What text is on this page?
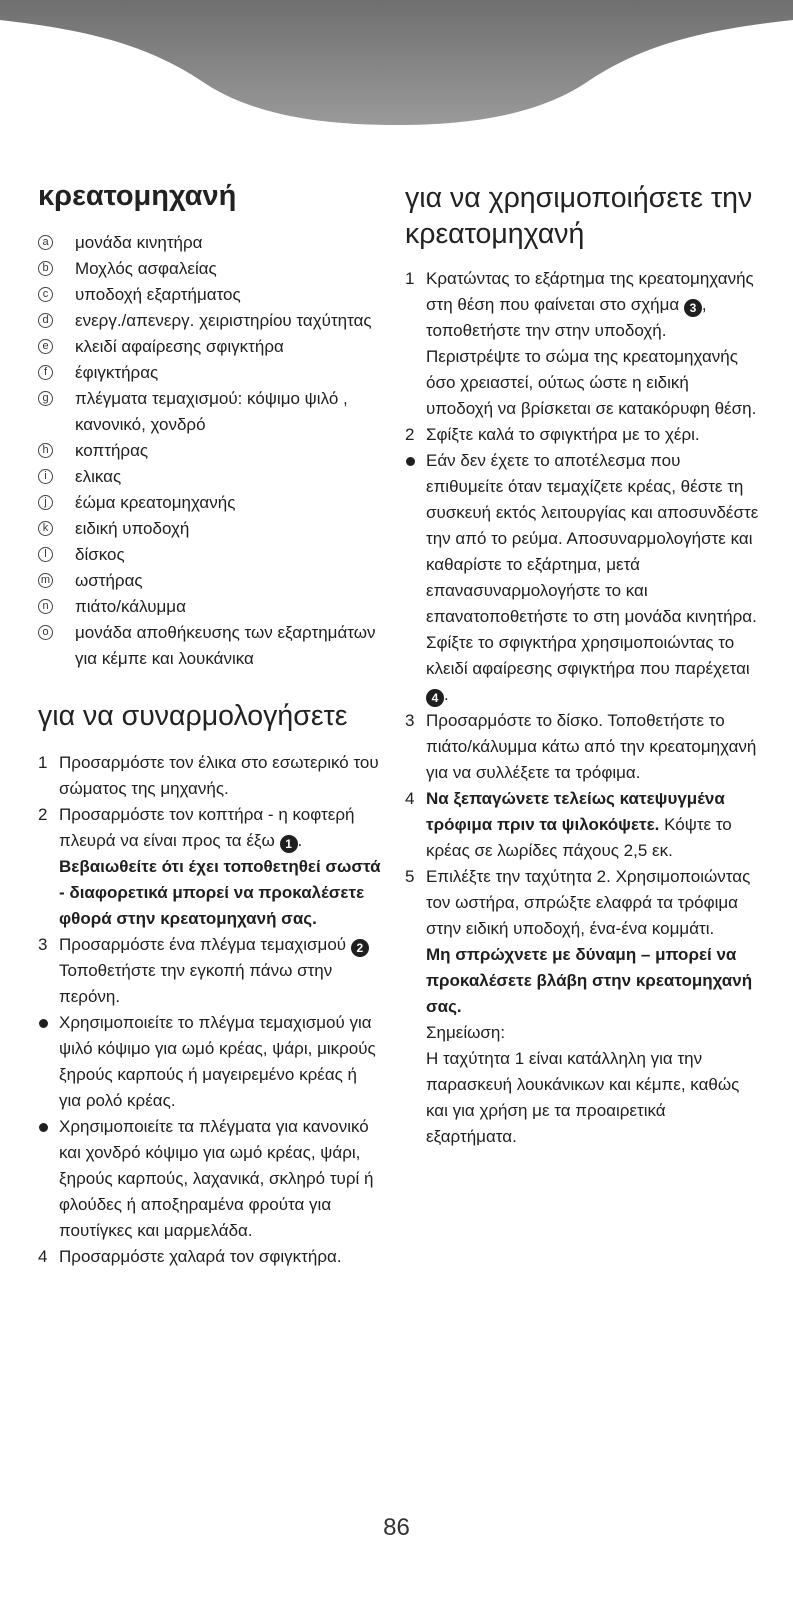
κρεατομηχανή
a μονάδα κινητήρα
b Μοχλός ασφαλείας
c υποδοχή εξαρτήματος
d ενεργ./απενεργ. χειριστηρίου ταχύτητας
e κλειδί αφαίρεσης σφιγκτήρα
f	έφιγκτήρας
g πλέγματα τεμαχισμού: κόψιμο ψιλό , κανονικό, χονδρό
h κοπτήρας
i	ελικας
j	έώμα κρεατομηχανής
k ειδική υποδοχή
l	δίσκος
m ωστήρας
n πιάτο/κάλυμμα
o μονάδα αποθήκευσης των εξαρτημάτων για κέμπε και λουκάνικα
για να συναρμολογήσετε
1 Προσαρμόστε τον έλικα στο εσωτερικό του σώματος της μηχανής.
2 Προσαρμόστε τον κοπτήρα - η κοφτερή πλευρά να είναι προς τα έξω 1 . Βεβαιωθείτε ότι έχει τοποθετηθεί σωστά - διαφορετικά μπορεί να προκαλέσετε φθορά στην κρεατομηχανή σας.
3 Προσαρμόστε ένα πλέγμα τεμαχισμού 2 Τοποθετήστε την εγκοπή πάνω στην περόνη.
Χρησιμοποιείτε το πλέγμα τεμαχισμού για ψιλό κόψιμο για ωμό κρέας, ψάρι, μικρούς ξηρούς καρπούς ή μαγειρεμένο κρέας ή για ρολό κρέας.
Χρησιμοποιείτε τα πλέγματα για κανονικό και χονδρό κόψιμο για ωμό κρέας, ψάρι, ξηρούς καρπούς, λαχανικά, σκληρό τυρί ή φλούδες ή αποξηραμένα φρούτα για πουτίγκες και μαρμελάδα.
4 Προσαρμόστε χαλαρά τον σφιγκτήρα.
για να χρησιμοποιήσετε την κρεατομηχανή
1 Κρατώντας το εξάρτημα της κρεατομηχανής στη θέση που φαίνεται στο σχήμα 3 , τοποθετήστε την στην υποδοχή. Περιστρέψτε το σώμα της κρεατομηχανής όσο χρειαστεί, ούτως ώστε η ειδική υποδοχή να βρίσκεται σε κατακόρυφη θέση.
2 Σφίξτε καλά το σφιγκτήρα με το χέρι.
Εάν δεν έχετε το αποτέλεσμα που επιθυμείτε όταν τεμαχίζετε κρέας, θέστε τη συσκευή εκτός λειτουργίας και αποσυνδέστε την από το ρεύμα. Αποσυναρμολογήστε και καθαρίστε το εξάρτημα, μετά επανασυναρμολογήστε το και επανατοποθετήστε το στη μονάδα κινητήρα. Σφίξτε το σφιγκτήρα χρησιμοποιώντας το κλειδί αφαίρεσης σφιγκτήρα που παρέχεται 4 .
3 Προσαρμόστε το δίσκο. Τοποθετήστε το πιάτο/κάλυμμα κάτω από την κρεατομηχανή για να συλλέξετε τα τρόφιμα.
4 Να ξεπαγώνετε τελείως κατεψυγμένα τρόφιμα πριν τα ψιλοκόψετε. Κόψτε το κρέας σε λωρίδες πάχους 2,5 εκ.
5 Επιλέξτε την ταχύτητα 2. Χρησιμοποιώντας τον ωστήρα, σπρώξτε ελαφρά τα τρόφιμα στην ειδική υποδοχή, ένα-ένα κομμάτι.
Μη σπρώχνετε με δύναμη – μπορεί να προκαλέσετε βλάβη στην κρεατομηχανή σας.
Σημείωση:
Η ταχύτητα 1 είναι κατάλληλη για την παρασκευή λουκάνικων και κέμπε, καθώς και για χρήση με τα προαιρετικά εξαρτήματα.
86
